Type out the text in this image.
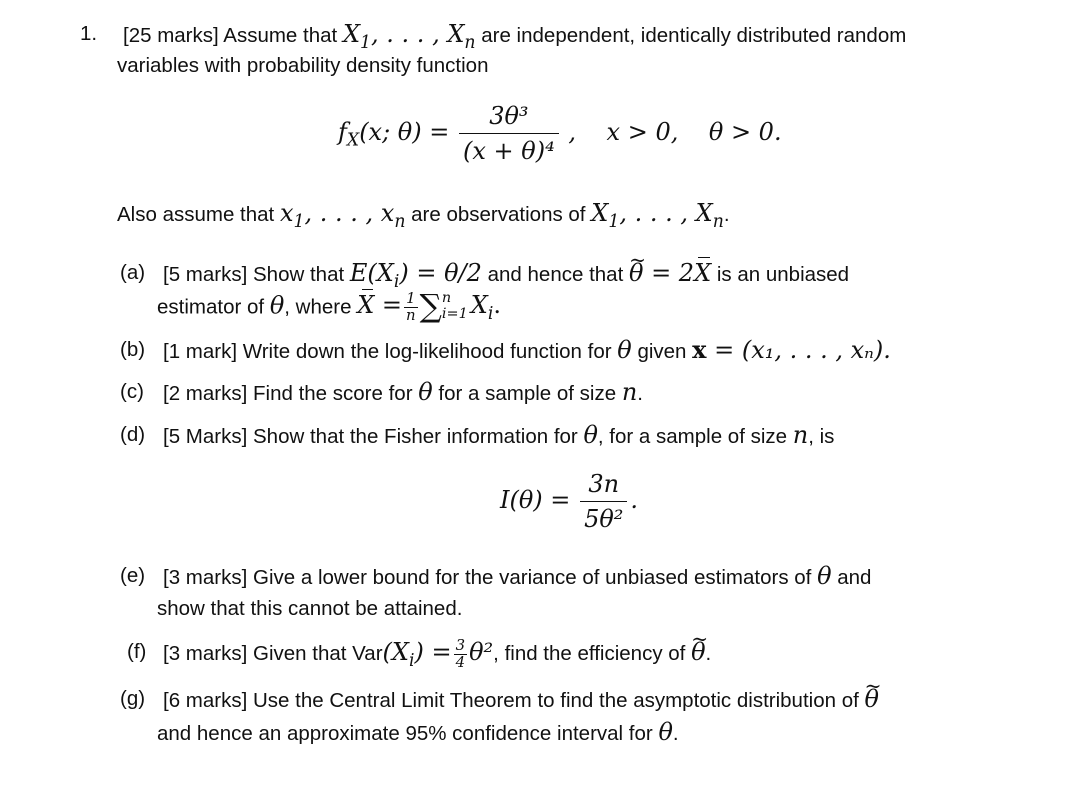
1. [25 marks] Assume that $X_1$, . . . , $X_n$ are independent, identically distributed random
variables with probability density function
$f_X(x$; $\theta) = \frac{\text{3θ³}}{\text{(x + θ)⁴}}$ ,    x > 0,    θ > 0.
Also assume that $x_1$, . . . , $x_n$ are observations of $X_1$, . . . , $X_n$.
(a) [5 marks] Show that $E(X_i) = \theta/2$ and hence that ~ θ = 2X is an unbiased
estimator of θ, where $X = \frac{1}{n}$ ∑ n
i=1 $X_i$.
(b) [1 mark] Write down the log-likelihood function for θ given x = (x₁, . . . , xₙ).
(c) [2 marks] Find the score for θ for a sample of size n.
(d) [5 Marks] Show that the Fisher information for θ, for a sample of size n, is
$I(\theta) = \frac{3n}{\text{5θ²}}$ .
(e) [3 marks] Give a lower bound for the variance of unbiased estimators of θ and
show that this cannot be attained.
(f) [3 marks] Given that $Var(X_i) = \frac{3}{4} \theta^2$, find the efficiency of ~ θ.
(g) [6 marks] Use the Central Limit Theorem to find the asymptotic distribution of ~ θ
and hence an approximate 95% confidence interval for θ.
